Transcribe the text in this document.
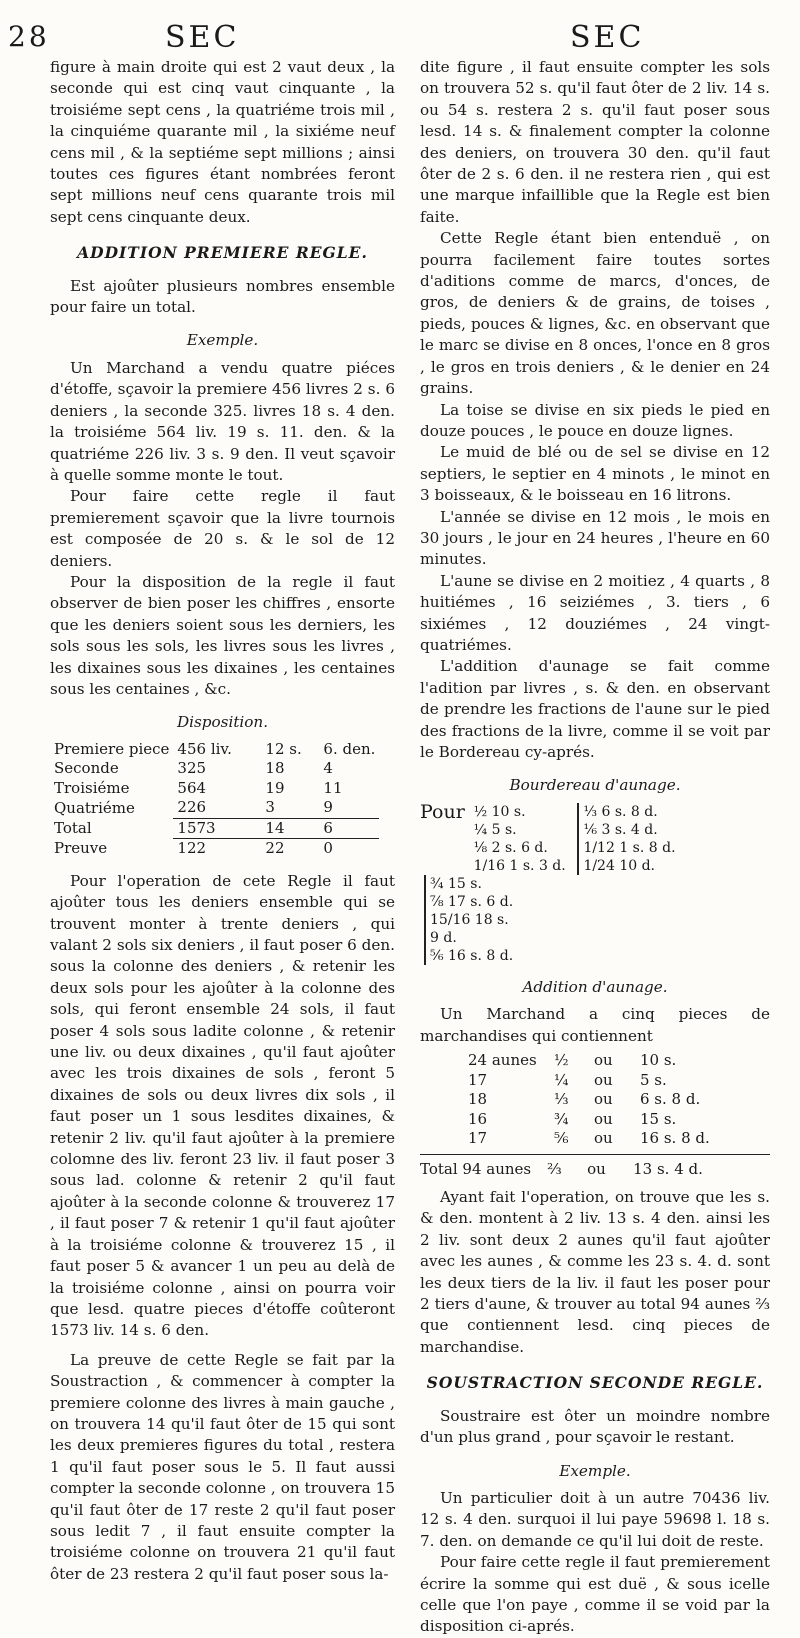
28	SEC	SEC

figure à main droite qui est 2 vaut deux , la seconde qui est cinq vaut cinquante , la troisiéme sept cens , la quatriéme trois mil , la cinquiéme quarante mil , la sixiéme neuf cens mil , & la septiéme sept millions ; ainsi toutes ces figures étant nombrées feront sept millions neuf cens quarante trois mil sept cens cinquante deux.

ADDITION PREMIERE REGLE.

Est ajoûter plusieurs nombres ensemble pour faire un total.

Exemple.

Un Marchand a vendu quatre piéces d'étoffe, sçavoir la premiere 456 livres 2 s. 6 deniers , la seconde 325. livres 18 s. 4 den. la troisiéme 564 liv. 19 s. 11. den. & la quatriéme 226 liv. 3 s. 9 den. Il veut sçavoir à quelle somme monte le tout.

Pour faire cette regle il faut premierement sçavoir que la livre tournois est composée de 20 s. & le sol de 12 deniers.

Pour la disposition de la regle il faut observer de bien poser les chiffres , ensorte que les deniers soient sous les derniers, les sols sous les sols, les livres sous les livres , les dixaines sous les dixaines , les centaines sous les centaines , &c.

Disposition.
Premiere piece	456 liv.	12 s.	6. den.
Seconde	325	18	4
Troisiéme	564	19	11
Quatriéme	226	3	9
Total	1573	14	6
Preuve	122	22	0

Pour l'operation de cete Regle il faut ajoûter tous les deniers ensemble qui se trouvent monter à trente deniers , qui valant 2 sols six deniers , il faut poser 6 den. sous la colonne des deniers , & retenir les deux sols pour les ajoûter à la colonne des sols, qui feront ensemble 24 sols, il faut poser 4 sols sous ladite colonne , & retenir une liv. ou deux dixaines , qu'il faut ajoûter avec les trois dixaines de sols , feront 5 dixaines de sols ou deux livres dix sols , il faut poser un 1 sous lesdites dixaines, & retenir 2 liv. qu'il faut ajoûter à la premiere colomne des liv. feront 23 liv. il faut poser 3 sous lad. colonne & retenir 2 qu'il faut ajoûter à la seconde colonne & trouverez 17 , il faut poser 7 & retenir 1 qu'il faut ajoûter à la troisiéme colonne & trouverez 15 , il faut poser 5 & avancer 1 un peu au delà de la troisiéme colonne , ainsi on pourra voir que lesd. quatre pieces d'étoffe coûteront 1573 liv. 14 s. 6 den.

La preuve de cette Regle se fait par la Soustraction , & commencer à compter la premiere colonne des livres à main gauche , on trouvera 14 qu'il faut ôter de 15 qui sont les deux premieres figures du total , restera 1 qu'il faut poser sous le 5. Il faut aussi compter la seconde colonne , on trouvera 15 qu'il faut ôter de 17 reste 2 qu'il faut poser sous ledit 7 , il faut ensuite compter la troisiéme colonne on trouvera 21 qu'il faut ôter de 23 restera 2 qu'il faut poser sous la-

dite figure , il faut ensuite compter les sols on trouvera 52 s. qu'il faut ôter de 2 liv. 14 s. ou 54 s. restera 2 s. qu'il faut poser sous lesd. 14 s. & finalement compter la colonne des deniers, on trouvera 30 den. qu'il faut ôter de 2 s. 6 den. il ne restera rien , qui est une marque infaillible que la Regle est bien faite.

Cette Regle étant bien entenduë , on pourra facilement faire toutes sortes d'aditions comme de marcs, d'onces, de gros, de deniers & de grains, de toises , pieds, pouces & lignes, &c. en observant que le marc se divise en 8 onces, l'once en 8 gros , le gros en trois deniers , & le denier en 24 grains.

La toise se divise en six pieds le pied en douze pouces , le pouce en douze lignes.

Le muid de blé ou de sel se divise en 12 septiers, le septier en 4 minots , le minot en 3 boisseaux, & le boisseau en 16 litrons.

L'année se divise en 12 mois , le mois en 30 jours , le jour en 24 heures , l'heure en 60 minutes.

L'aune se divise en 2 moitiez , 4 quarts , 8 huitiémes , 16 seiziémes , 3. tiers , 6 sixiémes , 12 douziémes , 24 vingt-quatriémes.

L'addition d'aunage se fait comme l'adition par livres , s. & den. en observant de prendre les fractions de l'aune sur le pied des fractions de la livre, comme il se voit par le Bordereau cy-aprés.

Bourdereau d'aunage.
Pour ½ 10 s.
¼ 5 s.
⅛ 2 s. 6 d.
1/16 1 s. 3 d.

⅓ 6 s. 8 d.
⅙ 3 s. 4 d.
1/12 1 s. 8 d.
1/24 10 d.

¾ 15 s.
⅞ 17 s. 6 d.
15/16 18 s. 9 d.
⅚ 16 s. 8 d.
Addition d'aunage.

Un Marchand a cinq pieces de marchandises qui contiennent

24 aunes	½	ou	10 s.
17	¼	ou	5 s.
18	⅓	ou	6 s. 8 d.
16	¾	ou	15 s.
17	⅚	ou	16 s. 8 d.
Total 94 aunes	⅔	ou	13 s. 4 d.

Ayant fait l'operation, on trouve que les s. & den. montent à 2 liv. 13 s. 4 den. ainsi les 2 liv. sont deux 2 aunes qu'il faut ajoûter avec les aunes , & comme les 23 s. 4. d. sont les deux tiers de la liv. il faut les poser pour 2 tiers d'aune, & trouver au total 94 aunes ⅔ que contiennent lesd. cinq pieces de marchandise.

SOUSTRACTION SECONDE REGLE.

Soustraire est ôter un moindre nombre d'un plus grand , pour sçavoir le restant.

Exemple.

Un particulier doit à un autre 70436 liv. 12 s. 4 den. surquoi il lui paye 59698 l. 18 s. 7. den. on demande ce qu'il lui doit de reste.

Pour faire cette regle il faut premierement écrire la somme qui est duë , & sous icelle celle que l'on paye , comme il se void par la disposition ci-aprés.
